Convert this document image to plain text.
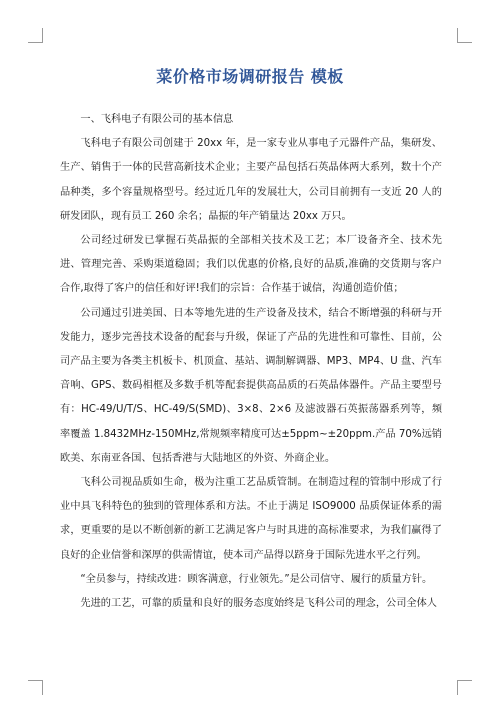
菜价格市场调研报告 模板

一、飞科电子有限公司的基本信息

飞科电子有限公司创建于 20xx 年，是一家专业从事电子元器件产品，集研发、生产、销售于一体的民营高新技术企业；主要产品包括石英晶体两大系列，数十个产品种类，多个容量规格型号。经过近几年的发展壮大，公司目前拥有一支近 20 人的研发团队，现有员工 260 余名；晶振的年产销量达 20xx 万只。

公司经过研发已掌握石英晶振的全部相关技术及工艺；本厂设备齐全、技术先进、管理完善、采购渠道稳固；我们以优惠的价格,良好的品质,准确的交货期与客户合作,取得了客户的信任和好评!我们的宗旨：合作基于诚信，沟通创造价值；

公司通过引进美国、日本等地先进的生产设备及技术，结合不断增强的科研与开发能力，逐步完善技术设备的配套与升级，保证了产品的先进性和可靠性、目前，公司产品主要为各类主机板卡、机顶盒、基站、调制解调器、MP3、MP4、U 盘、汽车音响、GPS、数码相框及多数手机等配套提供高品质的石英晶体器件。产品主要型号有：HC-49/U/T/S、HC-49/S(SMD)、3×8、2×6 及滤波器石英振荡器系列等，频率覆盖 1.8432MHz-150MHz,常规频率精度可达±5ppm~±20ppm.产品 70%远销欧美、东南亚各国、包括香港与大陆地区的外资、外商企业。

飞科公司视品质如生命，极为注重工艺品质管制。在制造过程的管制中形成了行业中具飞科特色的独到的管理体系和方法。不止于满足 ISO9000 品质保证体系的需求，更重要的是以不断创新的新工艺满足客户与时具进的高标准要求，为我们赢得了良好的企业信誉和深厚的供需情谊，使本司产品得以跻身于国际先进水平之行列。

“全员参与，持续改进：顾客满意，行业领先。”是公司信守、履行的质量方针。

先进的工艺，可靠的质量和良好的服务态度始终是飞科公司的理念，公司全体人
